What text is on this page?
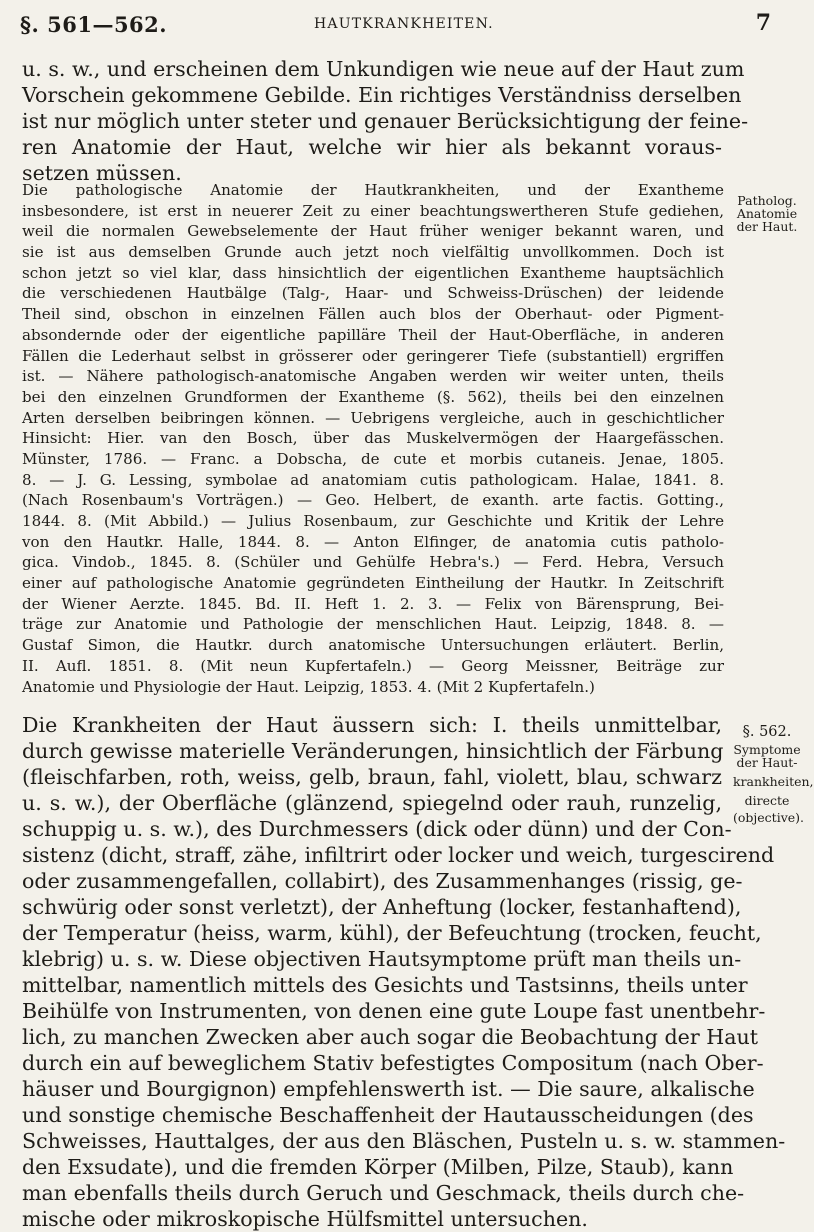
§. 561—562.	HAUTKRANKHEITEN.	7
u. s. w., und erscheinen dem Unkundigen wie neue auf der Haut zum
Vorschein gekommene Gebilde. Ein richtiges Verständniss derselben
ist nur möglich unter steter und genauer Berücksichtigung der feine-
ren Anatomie der Haut, welche wir hier als bekannt voraus-
setzen müssen.
Patholog.
Anatomie
der Haut.
Die pathologische Anatomie der Hautkrankheiten, und der Exantheme
insbesondere, ist erst in neuerer Zeit zu einer beachtungswertheren Stufe gediehen,
weil die normalen Gewebselemente der Haut früher weniger bekannt waren, und
sie ist aus demselben Grunde auch jetzt noch vielfältig unvollkommen. Doch ist
schon jetzt so viel klar, dass hinsichtlich der eigentlichen Exantheme hauptsächlich
die verschiedenen Hautbälge (Talg-, Haar- und Schweiss-Drüschen) der leidende
Theil sind, obschon in einzelnen Fällen auch blos der Oberhaut- oder Pigment-
absondernde oder der eigentliche papilläre Theil der Haut-Oberfläche, in anderen
Fällen die Lederhaut selbst in grösserer oder geringerer Tiefe (substantiell) ergriffen
ist. — Nähere pathologisch-anatomische Angaben werden wir weiter unten, theils
bei den einzelnen Grundformen der Exantheme (§. 562), theils bei den einzelnen
Arten derselben beibringen können. — Uebrigens vergleiche, auch in geschichtlicher
Hinsicht: Hier. van den Bosch, über das Muskelvermögen der Haargefässchen.
Münster, 1786. — Franc. a Dobscha, de cute et morbis cutaneis. Jenae, 1805.
8. — J. G. Lessing, symbolae ad anatomiam cutis pathologicam. Halae, 1841. 8.
(Nach Rosenbaum's Vorträgen.) — Geo. Helbert, de exanth. arte factis. Gotting.,
1844. 8. (Mit Abbild.) — Julius Rosenbaum, zur Geschichte und Kritik der Lehre
von den Hautkr. Halle, 1844. 8. — Anton Elfinger, de anatomia cutis patholo-
gica. Vindob., 1845. 8. (Schüler und Gehülfe Hebra's.) — Ferd. Hebra, Versuch
einer auf pathologische Anatomie gegründeten Eintheilung der Hautkr. In Zeitschrift
der Wiener Aerzte. 1845. Bd. II. Heft 1. 2. 3. — Felix von Bärensprung, Bei-
träge zur Anatomie und Pathologie der menschlichen Haut. Leipzig, 1848. 8. —
Gustaf Simon, die Hautkr. durch anatomische Untersuchungen erläutert. Berlin,
II. Aufl. 1851. 8. (Mit neun Kupfertafeln.) — Georg Meissner, Beiträge zur
Anatomie und Physiologie der Haut. Leipzig, 1853. 4. (Mit 2 Kupfertafeln.)
§. 562.
Symptome
der Haut-
krankheiten,
directe
(objective).
Die Krankheiten der Haut äussern sich: I. theils unmittelbar,
durch gewisse materielle Veränderungen, hinsichtlich der Färbung
(fleischfarben, roth, weiss, gelb, braun, fahl, violett, blau, schwarz
u. s. w.), der Oberfläche (glänzend, spiegelnd oder rauh, runzelig,
schuppig u. s. w.), des Durchmessers (dick oder dünn) und der Con-
sistenz (dicht, straff, zähe, infiltrirt oder locker und weich, turgescirend
oder zusammengefallen, collabirt), des Zusammenhanges (rissig, ge-
schwürig oder sonst verletzt), der Anheftung (locker, festanhaftend),
der Temperatur (heiss, warm, kühl), der Befeuchtung (trocken, feucht,
klebrig) u. s. w. Diese objectiven Hautsymptome prüft man theils un-
mittelbar, namentlich mittels des Gesichts und Tastsinns, theils unter
Beihülfe von Instrumenten, von denen eine gute Loupe fast unentbehr-
lich, zu manchen Zwecken aber auch sogar die Beobachtung der Haut
durch ein auf beweglichem Stativ befestigtes Compositum (nach Ober-
häuser und Bourgignon) empfehlenswerth ist. — Die saure, alkalische
und sonstige chemische Beschaffenheit der Hautausscheidungen (des
Schweisses, Hauttalges, der aus den Bläschen, Pusteln u. s. w. stammen-
den Exsudate), und die fremden Körper (Milben, Pilze, Staub), kann
man ebenfalls theils durch Geruch und Geschmack, theils durch che-
mische oder mikroskopische Hülfsmittel untersuchen.
